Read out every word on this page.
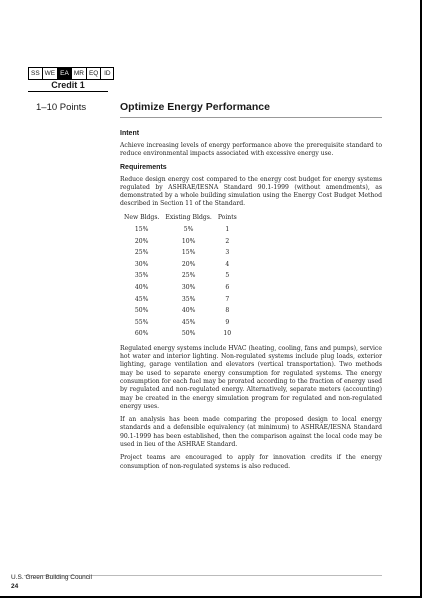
SS WE EA MR EQ ID
Credit 1
1–10 Points	Optimize Energy Performance
Intent

Achieve increasing levels of energy performance above the prerequisite standard to reduce environmental impacts associated with excessive energy use.

Requirements

Reduce design energy cost compared to the energy cost budget for energy systems regulated by ASHRAE/IESNA Standard 90.1-1999 (without amendments), as demonstrated by a whole building simulation using the Energy Cost Budget Method described in Section 11 of the Standard.

New Bldgs.	Existing Bldgs.	Points
15%	5%	1
20%	10%	2
25%	15%	3
30%	20%	4
35%	25%	5
40%	30%	6
45%	35%	7
50%	40%	8
55%	45%	9
60%	50%	10

Regulated energy systems include HVAC (heating, cooling, fans and pumps), service hot water and interior lighting. Non-regulated systems include plug loads, exterior lighting, garage ventilation and elevators (vertical transportation). Two methods may be used to separate energy consumption for regulated systems. The energy consumption for each fuel may be prorated according to the fraction of energy used by regulated and non-regulated energy. Alternatively, separate meters (accounting) may be created in the energy simulation program for regulated and non-regulated energy uses.

If an analysis has been made comparing the proposed design to local energy standards and a defensible equivalency (at minimum) to ASHRAE/IESNA Standard 90.1-1999 has been established, then the comparison against the local code may be used in lieu of the ASHRAE Standard.

Project teams are encouraged to apply for innovation credits if the energy consumption of non-regulated systems is also reduced.

U.S. Green Building Council
24
